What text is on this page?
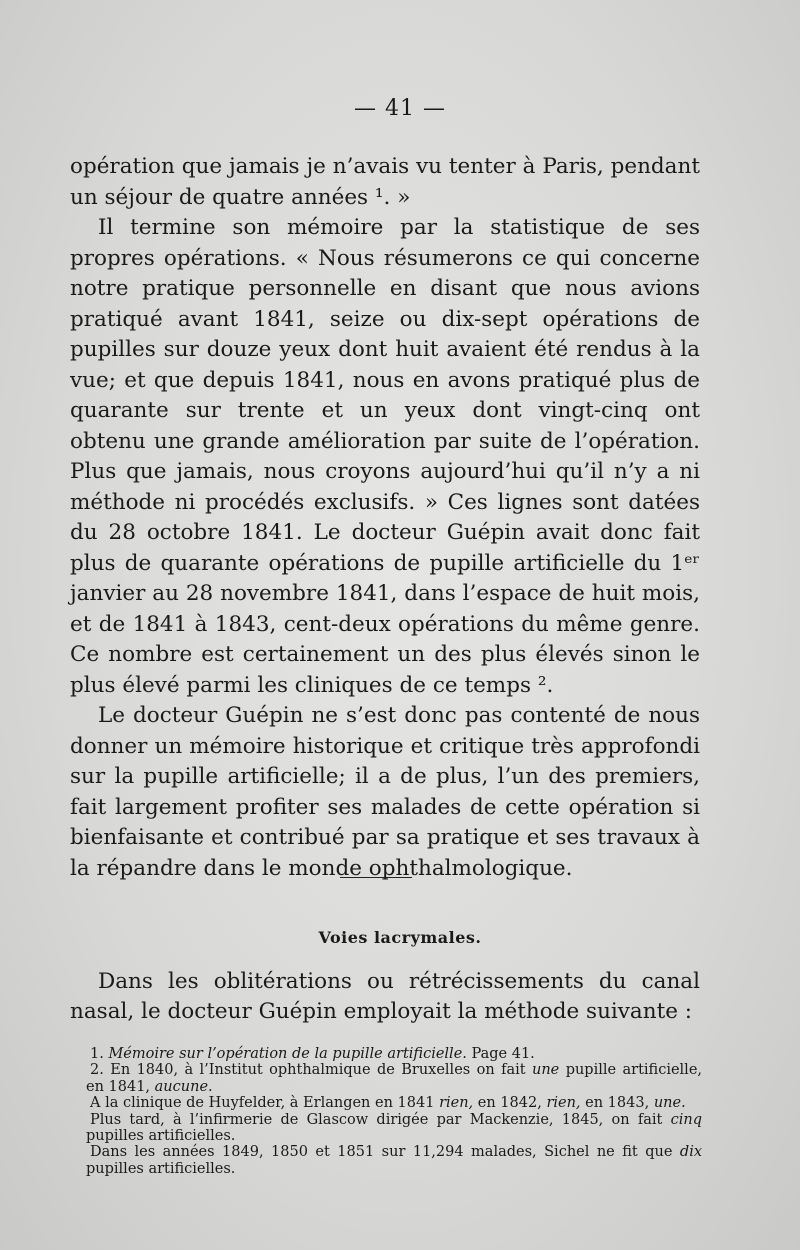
— 41 —

opération que jamais je n’avais vu tenter à Paris, pendant un séjour de quatre années ¹. »

Il termine son mémoire par la statistique de ses propres opérations. « Nous résumerons ce qui concerne notre pratique personnelle en disant que nous avions pratiqué avant 1841, seize ou dix-sept opérations de pupilles sur douze yeux dont huit avaient été rendus à la vue; et que depuis 1841, nous en avons pratiqué plus de quarante sur trente et un yeux dont vingt-cinq ont obtenu une grande amélioration par suite de l’opération. Plus que jamais, nous croyons aujourd’hui qu’il n’y a ni méthode ni procédés exclusifs. » Ces lignes sont datées du 28 octobre 1841. Le docteur Guépin avait donc fait plus de quarante opérations de pupille artificielle du 1ᵉʳ janvier au 28 novembre 1841, dans l’espace de huit mois, et de 1841 à 1843, cent-deux opérations du même genre. Ce nombre est certainement un des plus élevés sinon le plus élevé parmi les cliniques de ce temps ².

Le docteur Guépin ne s’est donc pas contenté de nous donner un mémoire historique et critique très approfondi sur la pupille artificielle; il a de plus, l’un des premiers, fait largement profiter ses malades de cette opération si bienfaisante et contribué par sa pratique et ses travaux à la répandre dans le monde ophthalmologique.

Voies lacrymales.

Dans les oblitérations ou rétrécissements du canal nasal, le docteur Guépin employait la méthode suivante :

1. Mémoire sur l’opération de la pupille artificielle. Page 41.

2. En 1840, à l’Institut ophthalmique de Bruxelles on fait une pupille artificielle, en 1841, aucune.

A la clinique de Huyfelder, à Erlangen en 1841 rien, en 1842, rien, en 1843, une.

Plus tard, à l’infirmerie de Glascow dirigée par Mackenzie, 1845, on fait cinq pupilles artificielles.

Dans les années 1849, 1850 et 1851 sur 11,294 malades, Sichel ne fit que dix pupilles artificielles.
